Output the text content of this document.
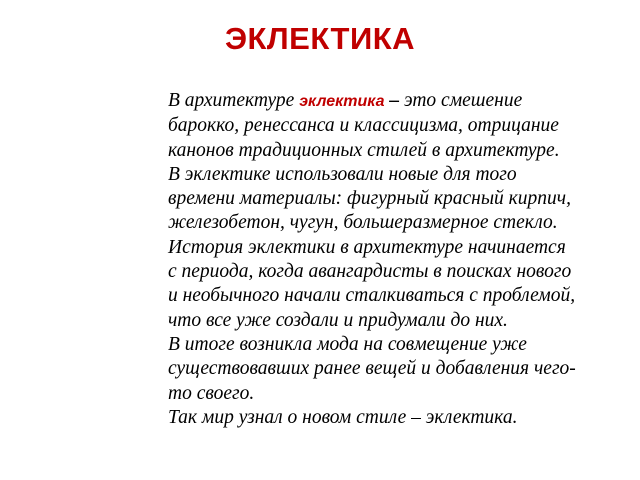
ЭКЛЕКТИКА
В архитектуре эклектика – это смешение
барокко, ренессанса и классицизма, отрицание
канонов традиционных стилей в архитектуре.
В эклектике использовали новые для того
времени материалы: фигурный красный кирпич,
железобетон, чугун, большеразмерное стекло.
История эклектики в архитектуре начинается
с периода, когда авангардисты в поисках нового
и необычного начали сталкиваться с проблемой,
что все уже создали и придумали до них.
В итоге возникла мода на совмещение уже
существовавших ранее вещей и добавления чего-
то своего.
Так мир узнал о новом стиле – эклектика.
